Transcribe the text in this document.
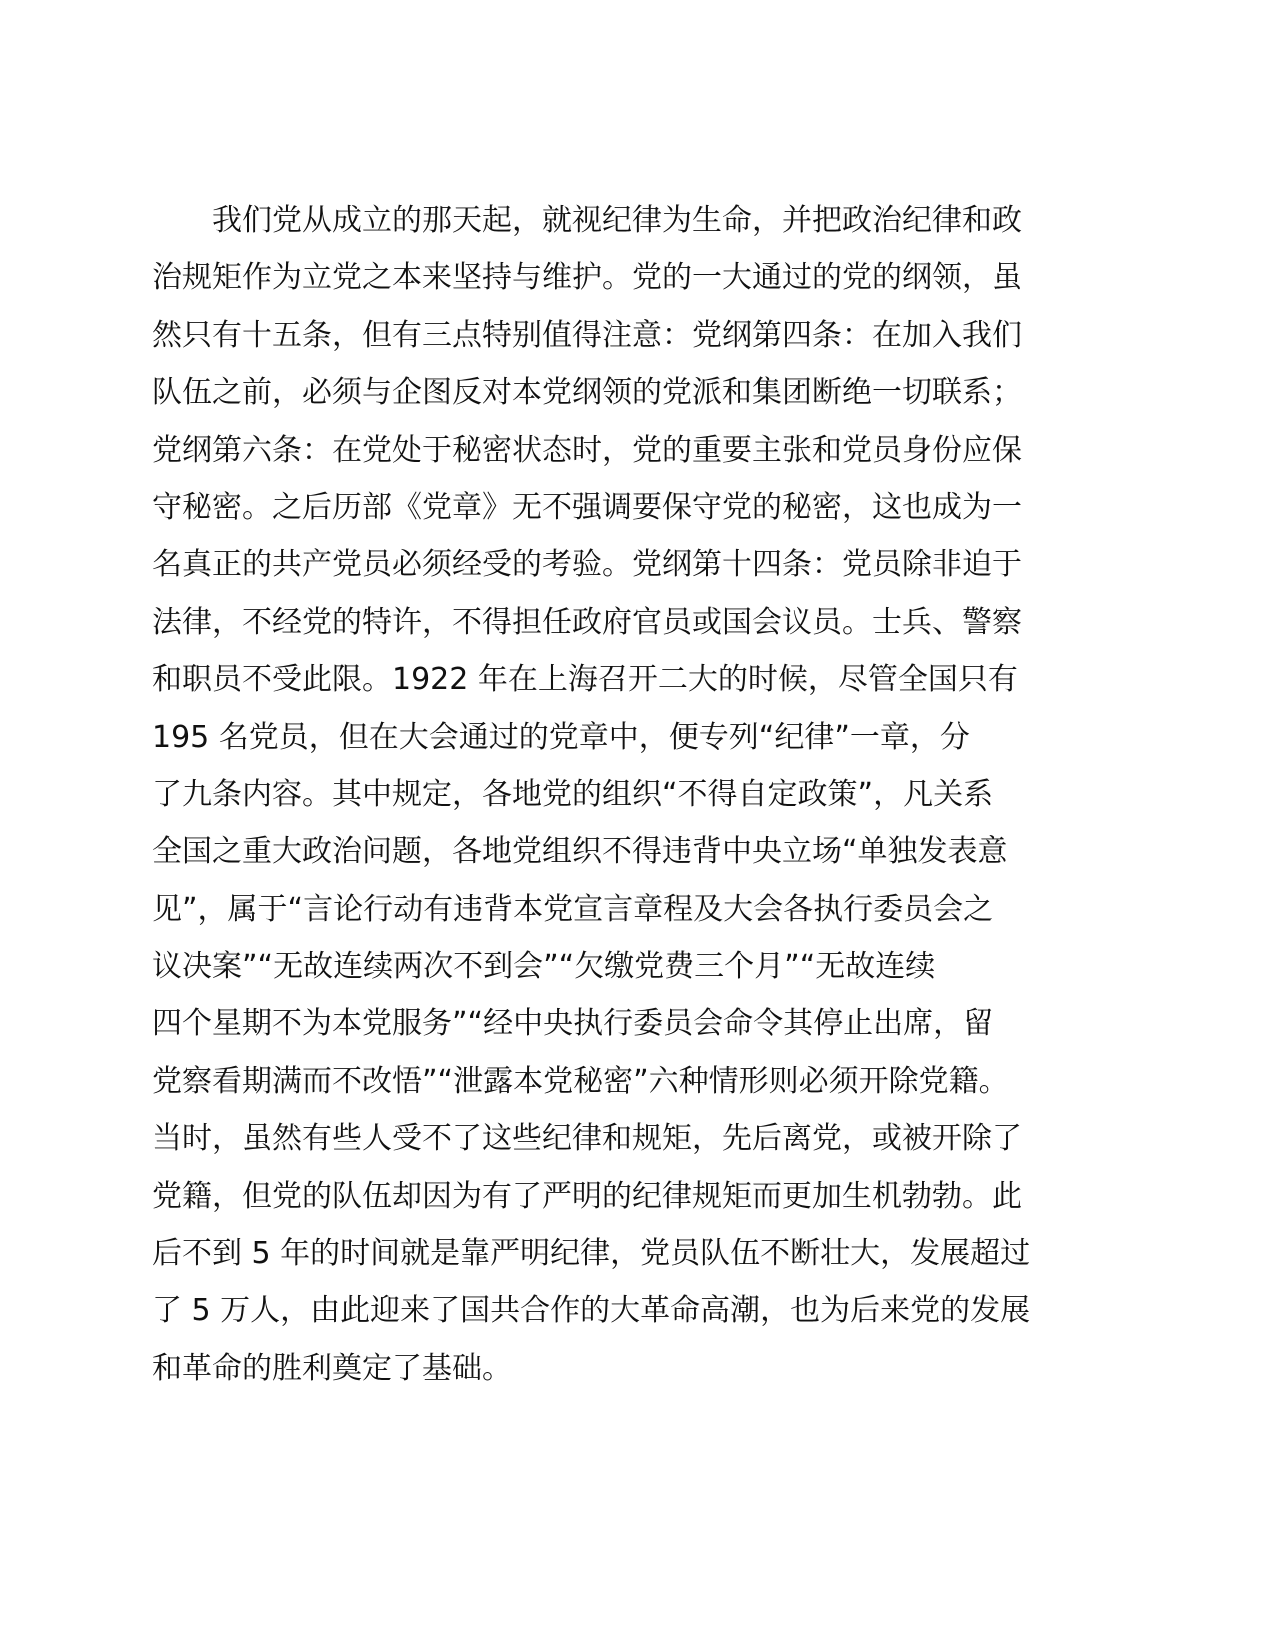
我们党从成立的那天起，就视纪律为生命，并把政治纪律和政
治规矩作为立党之本来坚持与维护。党的一大通过的党的纲领，虽
然只有十五条，但有三点特别值得注意：党纲第四条：在加入我们
队伍之前，必须与企图反对本党纲领的党派和集团断绝一切联系；
党纲第六条：在党处于秘密状态时，党的重要主张和党员身份应保
守秘密。之后历部《党章》无不强调要保守党的秘密，这也成为一
名真正的共产党员必须经受的考验。党纲第十四条：党员除非迫于
法律，不经党的特许，不得担任政府官员或国会议员。士兵、警察
和职员不受此限。1922 年在上海召开二大的时候，尽管全国只有
195 名党员，但在大会通过的党章中，便专列“纪律”一章，分
了九条内容。其中规定，各地党的组织“不得自定政策”，凡关系
全国之重大政治问题，各地党组织不得违背中央立场“单独发表意
见”，属于“言论行动有违背本党宣言章程及大会各执行委员会之
议决案”“无故连续两次不到会”“欠缴党费三个月”“无故连续
四个星期不为本党服务”“经中央执行委员会命令其停止出席，留
党察看期满而不改悟”“泄露本党秘密”六种情形则必须开除党籍。
当时，虽然有些人受不了这些纪律和规矩，先后离党，或被开除了
党籍，但党的队伍却因为有了严明的纪律规矩而更加生机勃勃。此
后不到 5 年的时间就是靠严明纪律，党员队伍不断壮大，发展超过
了 5 万人，由此迎来了国共合作的大革命高潮，也为后来党的发展
和革命的胜利奠定了基础。
